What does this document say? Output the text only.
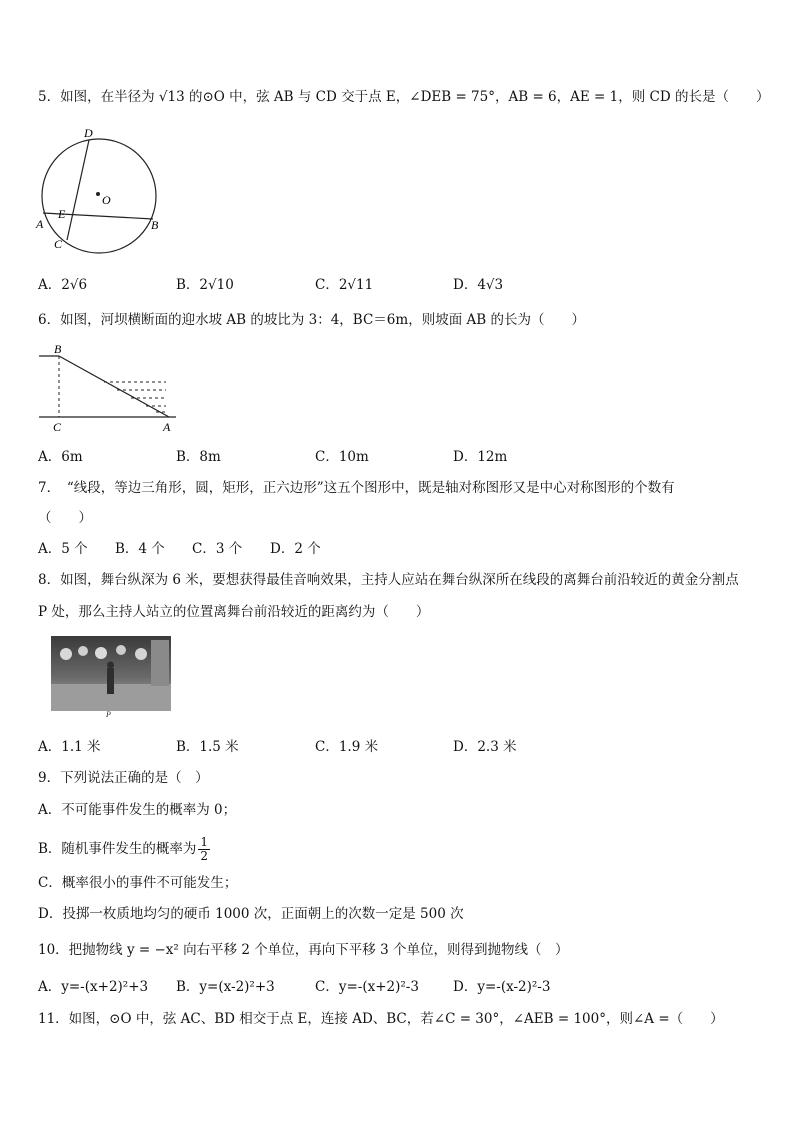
5．如图，在半径为 √13 的⊙O 中，弦 AB 与 CD 交于点 E，∠DEB = 75°，AB = 6，AE = 1，则 CD 的长是（　　）
D
O
E
A
C
B
A．2√6	B．2√10	C．2√11	D．4√3
6．如图，河坝横断面的迎水坡 AB 的坡比为 3：4，BC＝6m，则坡面 AB 的长为（　　）
B
C	A
A．6m	B．8m	C．10m	D．12m
7．　“线段，等边三角形，圆，矩形，正六边形”这五个图形中，既是轴对称图形又是中心对称图形的个数有
（　　）
A．5 个 B．4 个 C．3 个 D．2 个
8．如图，舞台纵深为 6 米，要想获得最佳音响效果，主持人应站在舞台纵深所在线段的离舞台前沿较近的黄金分割点
P 处，那么主持人站立的位置离舞台前沿较近的距离约为（　　）
P
A．1.1 米	B．1.5 米	C．1.9 米	D．2.3 米
9．下列说法正确的是（　）
A．不可能事件发生的概率为 0；
B．随机事件发生的概率为 $\frac{1}{2}$
C．概率很小的事件不可能发生；
D．投掷一枚质地均匀的硬币 1000 次，正面朝上的次数一定是 500 次
10．把抛物线 y = −x² 向右平移 2 个单位，再向下平移 3 个单位，则得到抛物线（　）
A．y=-(x+2)²+3 B．y=(x-2)²+3	C．y=-(x+2)²-3	D．y=-(x-2)²-3
11．如图，⊙O 中，弦 AC、BD 相交于点 E，连接 AD、BC，若∠C = 30°，∠AEB = 100°，则∠A =（　　）
